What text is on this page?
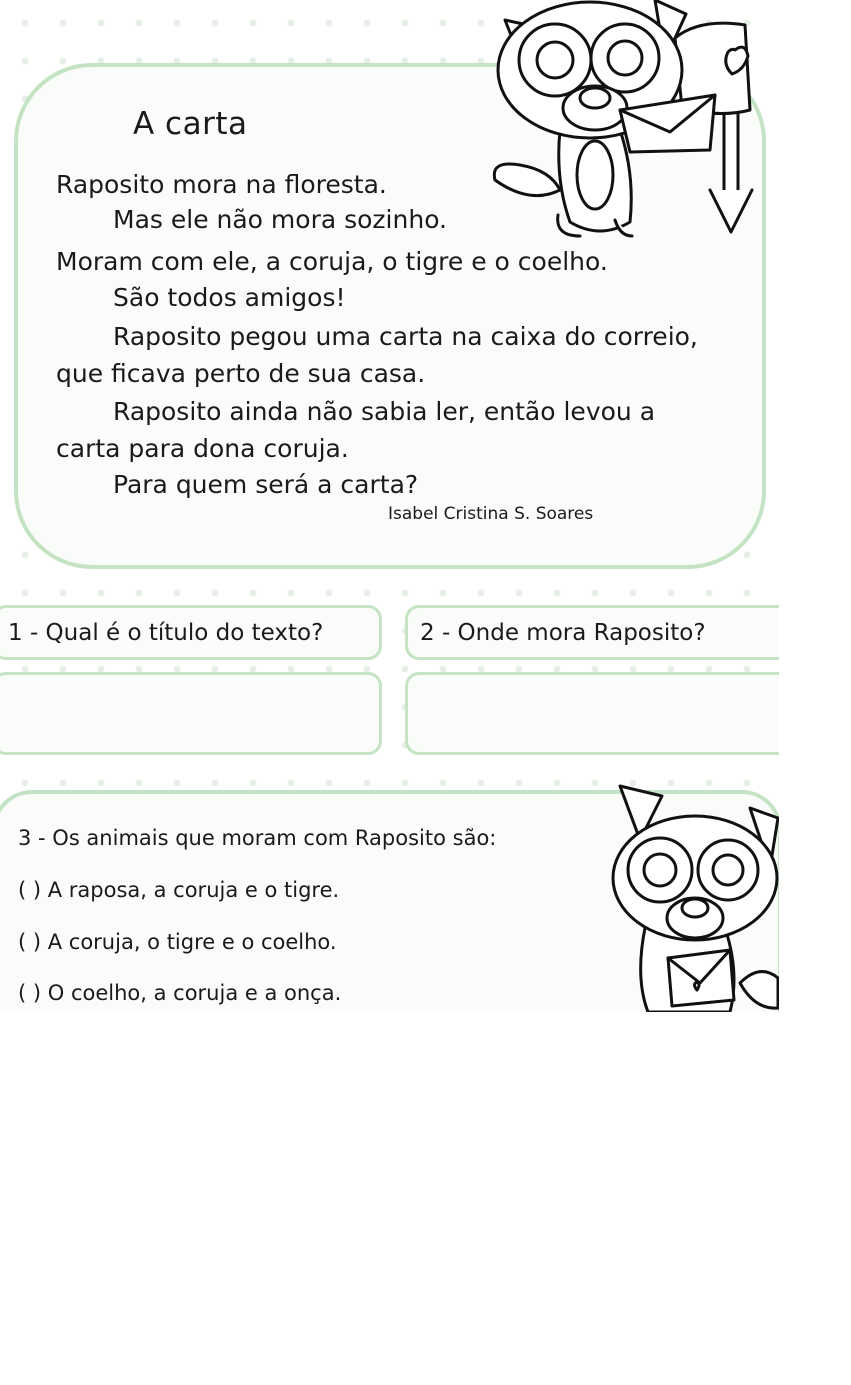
A carta
Raposito mora na floresta.
Mas ele não mora sozinho.
Moram com ele, a coruja, o tigre e o coelho.
São todos amigos!
Raposito pegou uma carta na caixa do correio,
que ficava perto de sua casa.
Raposito ainda não sabia ler, então levou a
carta para dona coruja.
Para quem será a carta?
Isabel Cristina S. Soares
1 - Qual é o título do texto?	2 - Onde mora Raposito?
3 - Os animais que moram com Raposito são:
( ) A raposa, a coruja e o tigre.
( ) A coruja, o tigre e o coelho.
( ) O coelho, a coruja e a onça.
